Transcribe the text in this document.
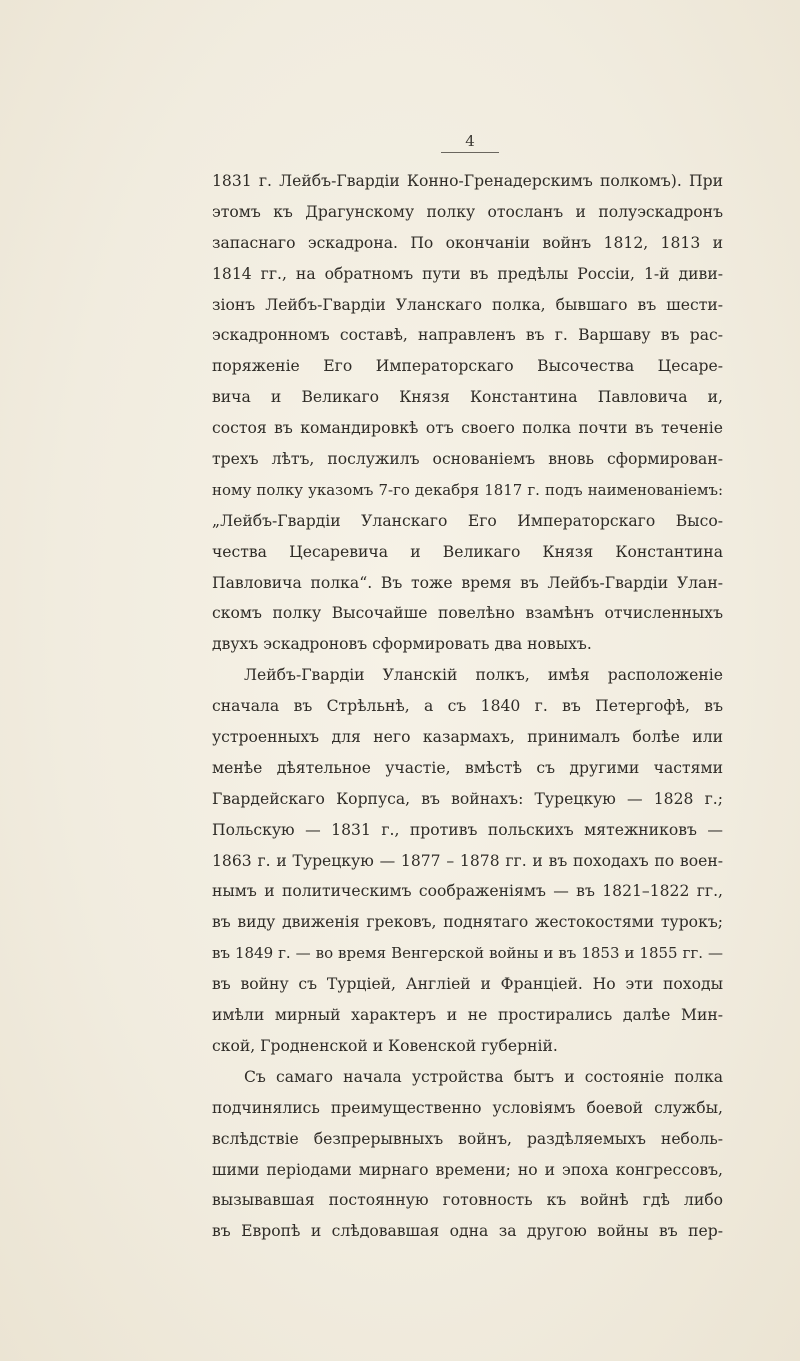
4
1831 г. Лейбъ-Гвардіи Конно-Гренадерскимъ полкомъ). При
этомъ къ Драгунскому полку отосланъ и полуэскадронъ
запаснаго эскадрона. По окончаніи войнъ 1812, 1813 и
1814 гг., на обратномъ пути въ предѣлы Россіи, 1-й диви-
зіонъ Лейбъ-Гвардіи Уланскаго полка, бывшаго въ шести-
эскадронномъ составѣ, направленъ въ г. Варшаву въ рас-
поряженіе Его Императорскаго Высочества Цесаре-
вича и Великаго Князя Константина Павловича и,
состоя въ командировкѣ отъ своего полка почти въ теченіе
трехъ лѣтъ, послужилъ основаніемъ вновь сформирован-
ному полку указомъ 7-го декабря 1817 г. подъ наименованіемъ:
„Лейбъ-Гвардіи Уланскаго Его Императорскаго Высо-
чества Цесаревича и Великаго Князя Константина
Павловича полка“. Въ тоже время въ Лейбъ-Гвардіи Улан-
скомъ полку Высочайше повелѣно взамѣнъ отчисленныхъ
двухъ эскадроновъ сформировать два новыхъ.
Лейбъ-Гвардіи Уланскій полкъ, имѣя расположеніе
сначала въ Стрѣльнѣ, а съ 1840 г. въ Петергофѣ, въ
устроенныхъ для него казармахъ, принималъ болѣе или
менѣе дѣятельное участіе, вмѣстѣ съ другими частями
Гвардейскаго Корпуса, въ войнахъ: Турецкую — 1828 г.;
Польскую — 1831 г., противъ польскихъ мятежниковъ —
1863 г. и Турецкую — 1877 – 1878 гг. и въ походахъ по воен-
нымъ и политическимъ соображеніямъ — въ 1821–1822 гг.,
въ виду движенія грековъ, поднятаго жестокостями турокъ;
въ 1849 г. — во время Венгерской войны и въ 1853 и 1855 гг. —
въ войну съ Турціей, Англіей и Франціей. Но эти походы
имѣли мирный характеръ и не простирались далѣе Мин-
ской, Гродненской и Ковенской губерній.
Съ самаго начала устройства бытъ и состояніе полка
подчинялись преимущественно условіямъ боевой службы,
вслѣдствіе безпрерывныхъ войнъ, раздѣляемыхъ неболь-
шими періодами мирнаго времени; но и эпоха конгрессовъ,
вызывавшая постоянную готовность къ войнѣ гдѣ либо
въ Европѣ и слѣдовавшая одна за другою войны въ пер-
